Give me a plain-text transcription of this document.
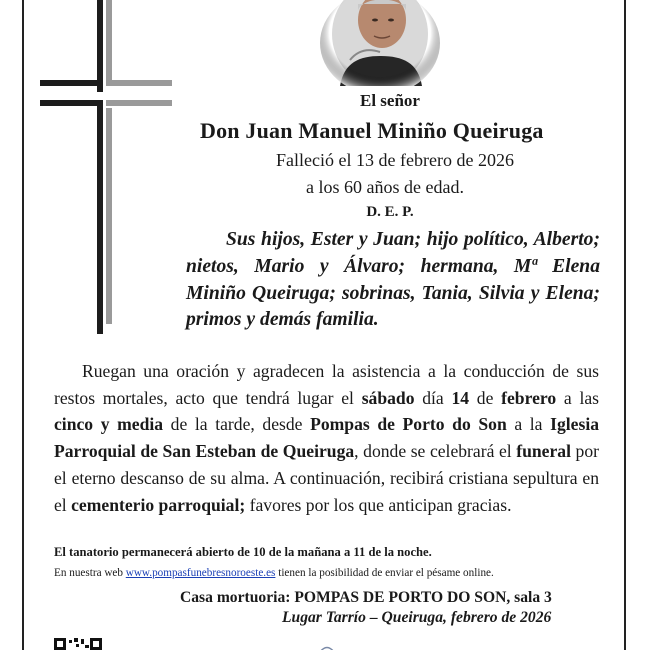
El señor
Don Juan Manuel Miniño Queiruga
Falleció el 13 de febrero de 2026
a los 60 años de edad.
D. E. P.
Sus hijos, Ester y Juan; hijo político, Alberto; nietos, Mario y Álvaro; hermana, Mª Elena Miniño Queiruga; sobrinas, Tania, Silvia y Elena; primos y demás familia.
Ruegan una oración y agradecen la asistencia a la conducción de sus restos mortales, acto que tendrá lugar el sábado día 14 de febrero a las cinco y media de la tarde, desde Pompas de Porto do Son a la Iglesia Parroquial de San Esteban de Queiruga, donde se celebrará el funeral por el eterno descanso de su alma. A continuación, recibirá cristiana sepultura en el cementerio parroquial; favores por los que anticipan gracias.
El tanatorio permanecerá abierto de 10 de la mañana a 11 de la noche.
En nuestra web www.pompasfunebresnoroeste.es tienen la posibilidad de enviar el pésame online.
Casa mortuoria: POMPAS DE PORTO DO SON, sala 3
Lugar Tarrío – Queiruga, febrero de 2026
